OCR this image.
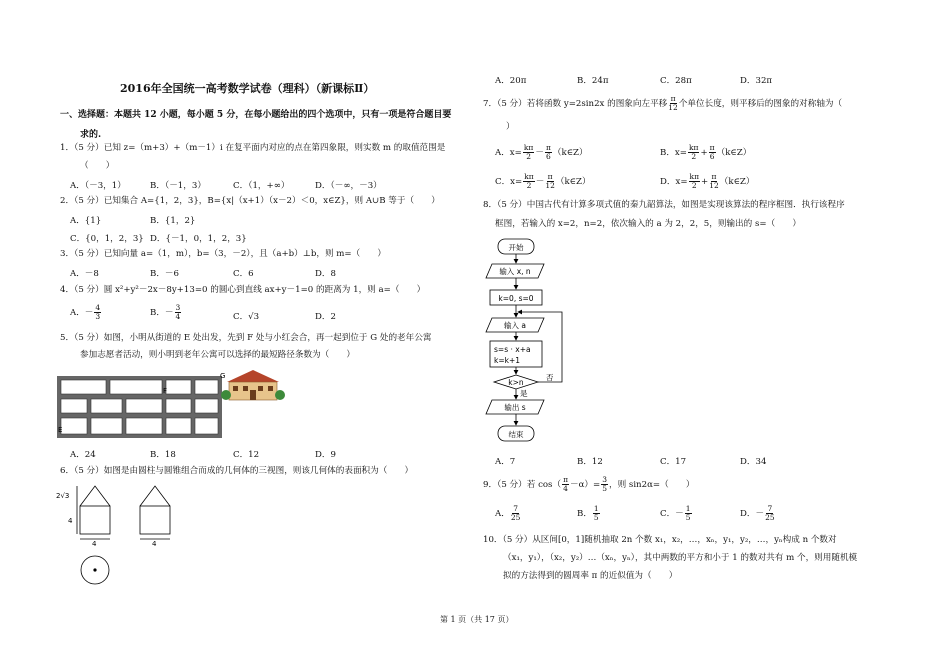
2016年全国统一高考数学试卷（理科）（新课标Ⅱ）
一、选择题：本题共 12 小题，每小题 5 分，在每小题给出的四个选项中，只有一项是符合题目要
求的.
1．（5 分）已知 z=（m+3）+（m－1）i 在复平面内对应的点在第四象限，则实数 m 的取值范围是
（　　）
A．（－3，1）	B．（－1，3）	C．（1，+∞）	D．（－∞，－3）
2．（5 分）已知集合 A={1，2，3}，B={x|（x+1）（x－2）＜0，x∈Z}，则 A∪B 等于（　　）
A．{1}	B．{1，2}
C．{0，1，2，3} D．{－1，0，1，2，3}
3．（5 分）已知向量 a=（1，m），b=（3，－2），且（a+b）⊥b，则 m=（　　）
A．－8	B．－6	C．6	D．8
4．（5 分）圆 x²+y²－2x－8y+13=0 的圆心到直线 ax+y－1=0 的距离为 1，则 a=（　　）
A．－ $\frac{4}{3}$	B．－ $\frac{3}{4}$	C．√3	D．2
5．（5 分）如图，小明从街道的 E 处出发，先到 F 处与小红会合，再一起到位于 G 处的老年公寓
参加志愿者活动，则小明到老年公寓可以选择的最短路径条数为（　　）
E
F
G
A．24	B．18	C．12	D．9
6．（5 分）如图是由圆柱与圆锥组合而成的几何体的三视图，则该几何体的表面积为（　　）
2√3
4
4	4
A．20π	B．24π	C．28π	D．32π
7．（5 分）若将函数 y=2sin2x 的图象向左平移 $\frac{\pi}{12}$ 个单位长度，则平移后的图象的对称轴为（
）
A．$x= \frac{k\pi}{2} - \frac{\pi}{6}$ （k∈Z）	B．$x= \frac{k\pi}{2} + \frac{\pi}{6}$ （k∈Z）
C．$x= \frac{k\pi}{2} - \frac{\pi}{12}$ （k∈Z）	D．$x= \frac{k\pi}{2} + \frac{\pi}{12}$ （k∈Z）
8．（5 分）中国古代有计算多项式值的秦九韶算法，如图是实现该算法的程序框图．执行该程序
框图，若输入的 x=2，n=2，依次输入的 a 为 2，2，5，则输出的 s=（　　）
开始
输入 x, n
k=0, s=0
输入 a
s=s · x+a
k=k+1
k>n
否
是
输出 s
结束
A．7	B．12	C．17	D．34
9．（5 分）若 $\cos( \frac{\pi}{4} -\alpha)= \frac{3}{5}$ ，则 sin2α=（　　）
A． $\frac{7}{25}$	B． $\frac{1}{5}$	C．－ $\frac{1}{5}$	D．－ $\frac{7}{25}$
10．（5 分）从区间[0，1]随机抽取 2n 个数 x₁，x₂，…，xₙ，y₁，y₂，…，yₙ构成 n 个数对
（x₁，y₁），（x₂，y₂）…（xₙ，yₙ），其中两数的平方和小于 1 的数对共有 m 个，则用随机模
拟的方法得到的圆周率 π 的近似值为（　　）
第 1 页（共 17 页）
